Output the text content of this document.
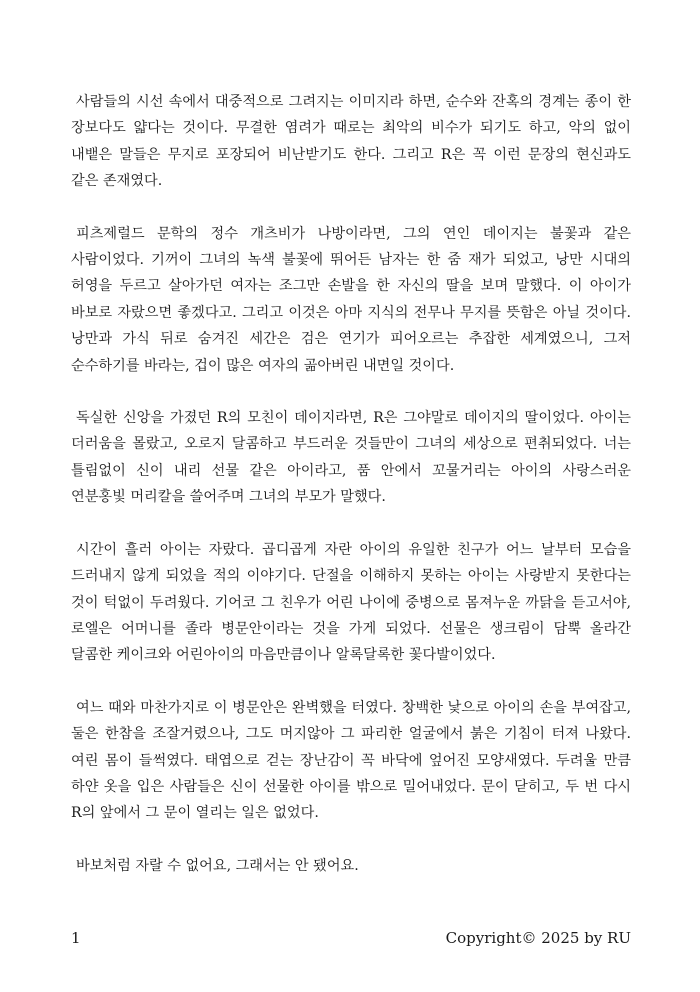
사람들의 시선 속에서 대중적으로 그려지는 이미지라 하면, 순수와 잔혹의 경계는 종이 한 장보다도 얇다는 것이다. 무결한 염려가 때로는 최악의 비수가 되기도 하고, 악의 없이 내뱉은 말들은 무지로 포장되어 비난받기도 한다. 그리고 R은 꼭 이런 문장의 현신과도 같은 존재였다.

피츠제럴드 문학의 정수 개츠비가 나방이라면, 그의 연인 데이지는 불꽃과 같은 사람이었다. 기꺼이 그녀의 녹색 불꽃에 뛰어든 남자는 한 줌 재가 되었고, 낭만 시대의 허영을 두르고 살아가던 여자는 조그만 손발을 한 자신의 딸을 보며 말했다. 이 아이가 바보로 자랐으면 좋겠다고. 그리고 이것은 아마 지식의 전무나 무지를 뜻함은 아닐 것이다. 낭만과 가식 뒤로 숨겨진 세간은 검은 연기가 피어오르는 추잡한 세계였으니, 그저 순수하기를 바라는, 겁이 많은 여자의 곪아버린 내면일 것이다.

독실한 신앙을 가졌던 R의 모친이 데이지라면, R은 그야말로 데이지의 딸이었다. 아이는 더러움을 몰랐고, 오로지 달콤하고 부드러운 것들만이 그녀의 세상으로 편취되었다. 너는 틀림없이 신이 내리 선물 같은 아이라고, 품 안에서 꼬물거리는 아이의 사랑스러운 연분홍빛 머리칼을 쓸어주며 그녀의 부모가 말했다.

시간이 흘러 아이는 자랐다. 곱디곱게 자란 아이의 유일한 친구가 어느 날부터 모습을 드러내지 않게 되었을 적의 이야기다. 단절을 이해하지 못하는 아이는 사랑받지 못한다는 것이 턱없이 두려웠다. 기어코 그 친우가 어린 나이에 중병으로 몸져누운 까닭을 듣고서야, 로엘은 어머니를 졸라 병문안이라는 것을 가게 되었다. 선물은 생크림이 담뿍 올라간 달콤한 케이크와 어린아이의 마음만큼이나 알록달록한 꽃다발이었다.

여느 때와 마찬가지로 이 병문안은 완벽했을 터였다. 창백한 낯으로 아이의 손을 부여잡고, 둘은 한참을 조잘거렸으나, 그도 머지않아 그 파리한 얼굴에서 붉은 기침이 터져 나왔다. 여린 몸이 들썩였다. 태엽으로 걷는 장난감이 꼭 바닥에 엎어진 모양새였다. 두려울 만큼 하얀 옷을 입은 사람들은 신이 선물한 아이를 밖으로 밀어내었다. 문이 닫히고, 두 번 다시 R의 앞에서 그 문이 열리는 일은 없었다.

바보처럼 자랄 수 없어요, 그래서는 안 됐어요.

1	Copyright© 2025 by RU
